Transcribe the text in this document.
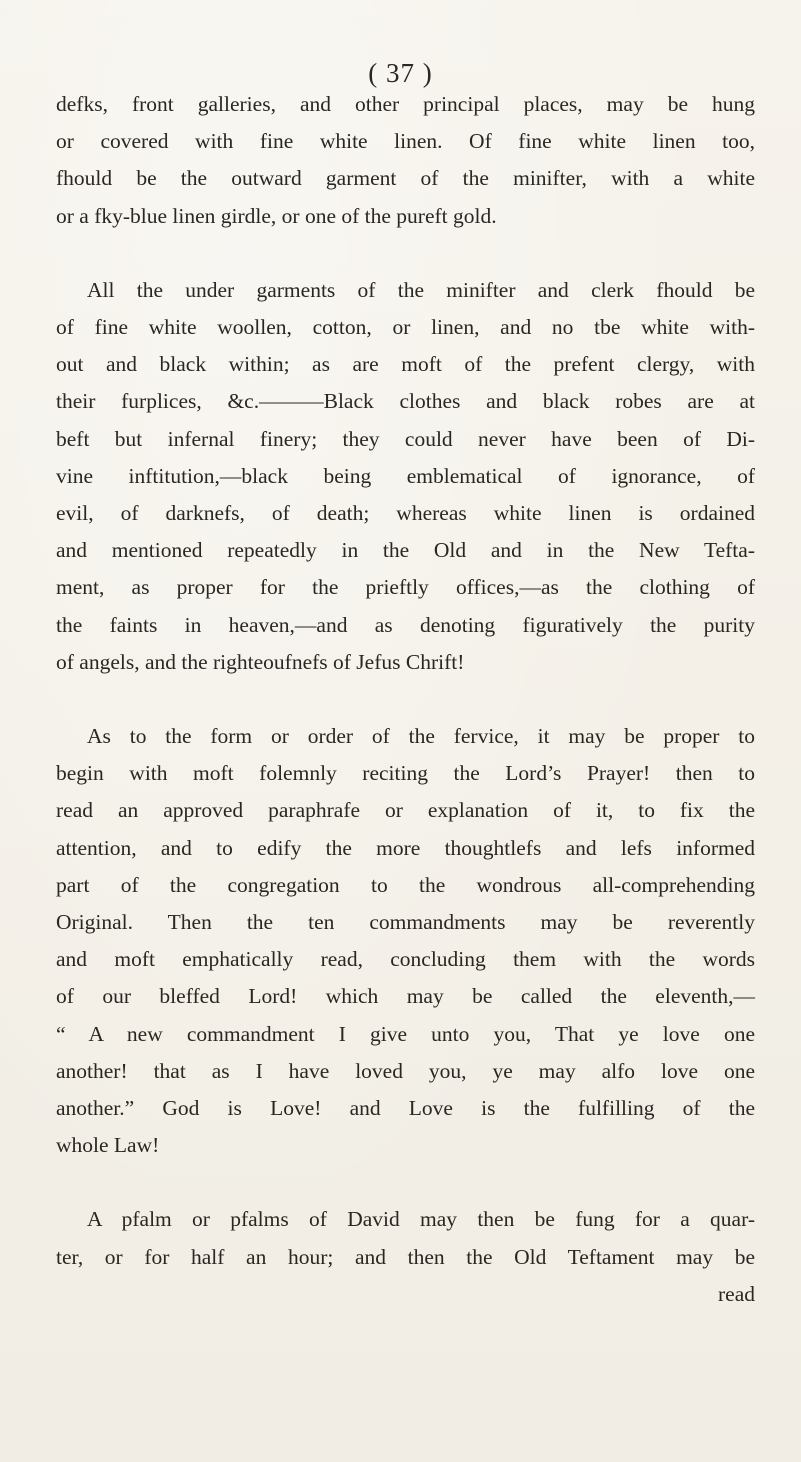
( 37 )
defks, front galleries, and other principal places, may be hung
or covered with fine white linen. Of fine white linen too,
fhould be the outward garment of the minifter, with a white
or a fky-blue linen girdle, or one of the pureft gold.
All the under garments of the minifter and clerk fhould be
of fine white woollen, cotton, or linen, and no tbe white with-
out and black within; as are moft of the prefent clergy, with
their furplices, &c.———Black clothes and black robes are at
beft but infernal finery; they could never have been of Di-
vine inftitution,—black being emblematical of ignorance, of
evil, of darknefs, of death; whereas white linen is ordained
and mentioned repeatedly in the Old and in the New Tefta-
ment, as proper for the prieftly offices,—as the clothing of
the faints in heaven,—and as denoting figuratively the purity
of angels, and the righteoufnefs of Jefus Chrift!
As to the form or order of the fervice, it may be proper to
begin with moft folemnly reciting the Lord’s Prayer! then to
read an approved paraphrafe or explanation of it, to fix the
attention, and to edify the more thoughtlefs and lefs informed
part of the congregation to the wondrous all-comprehending
Original. Then the ten commandments may be reverently
and moft emphatically read, concluding them with the words
of our bleffed Lord! which may be called the eleventh,—
“ A new commandment I give unto you, That ye love one
another! that as I have loved you, ye may alfo love one
another.” God is Love! and Love is the fulfilling of the
whole Law!
A pfalm or pfalms of David may then be fung for a quar-
ter, or for half an hour; and then the Old Teftament may be
read
